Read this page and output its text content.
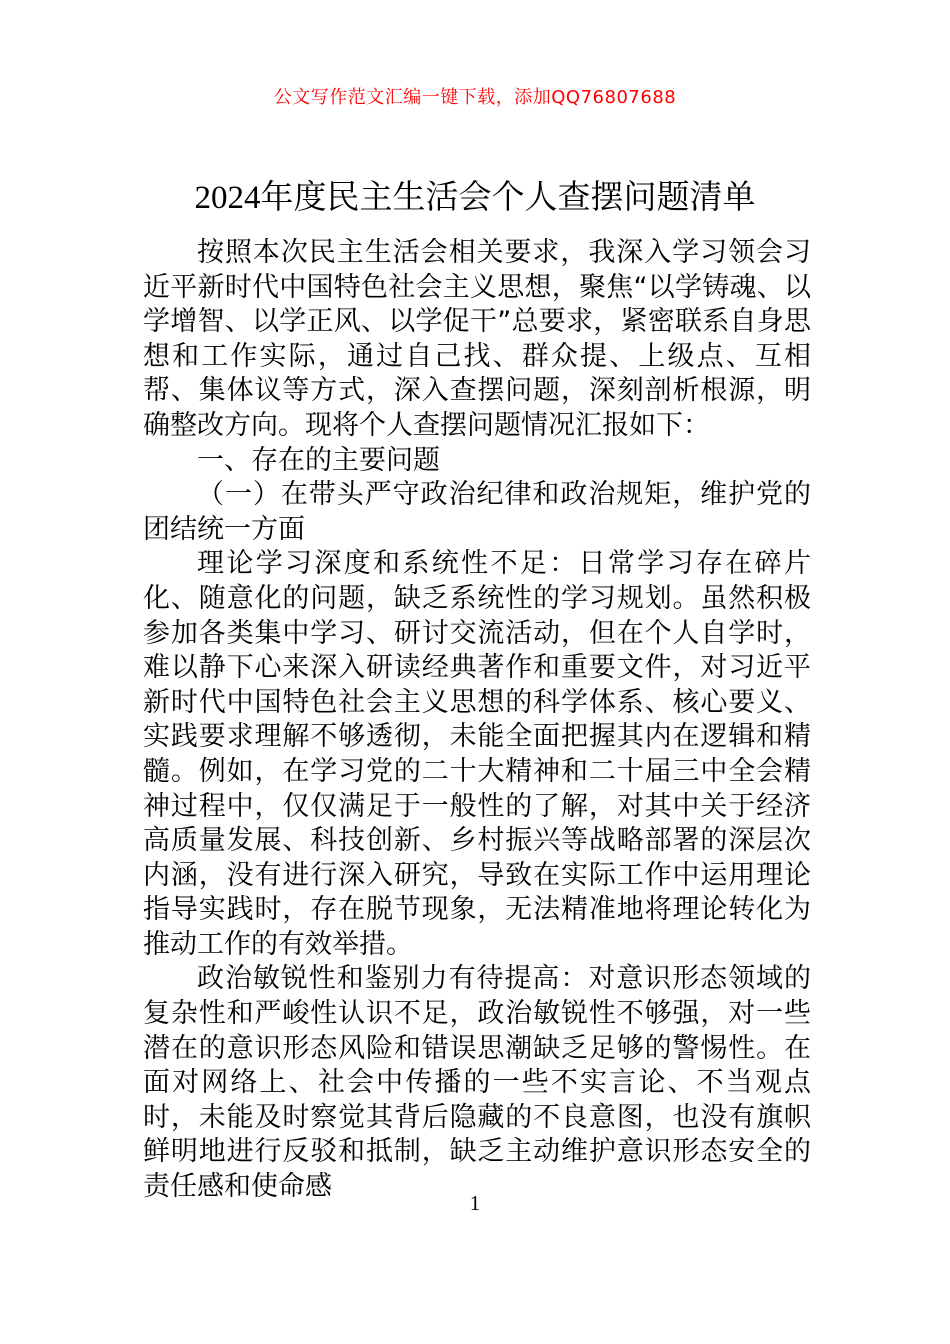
公文写作范文汇编一键下载，添加QQ76807688
2024年度民主生活会个人查摆问题清单

按照本次民主生活会相关要求，我深入学习领会习近平新时代中国特色社会主义思想，聚焦“以学铸魂、以学增智、以学正风、以学促干”总要求，紧密联系自身思想和工作实际，通过自己找、群众提、上级点、互相帮、集体议等方式，深入查摆问题，深刻剖析根源，明确整改方向。现将个人查摆问题情况汇报如下：

一、存在的主要问题

（一）在带头严守政治纪律和政治规矩，维护党的团结统一方面

理论学习深度和系统性不足：日常学习存在碎片化、随意化的问题，缺乏系统性的学习规划。虽然积极参加各类集中学习、研讨交流活动，但在个人自学时，难以静下心来深入研读经典著作和重要文件，对习近平新时代中国特色社会主义思想的科学体系、核心要义、实践要求理解不够透彻，未能全面把握其内在逻辑和精髓。例如，在学习党的二十大精神和二十届三中全会精神过程中，仅仅满足于一般性的了解，对其中关于经济高质量发展、科技创新、乡村振兴等战略部署的深层次内涵，没有进行深入研究，导致在实际工作中运用理论指导实践时，存在脱节现象，无法精准地将理论转化为推动工作的有效举措。

政治敏锐性和鉴别力有待提高：对意识形态领域的复杂性和严峻性认识不足，政治敏锐性不够强，对一些潜在的意识形态风险和错误思潮缺乏足够的警惕性。在面对网络上、社会中传播的一些不实言论、不当观点时，未能及时察觉其背后隐藏的不良意图，也没有旗帜鲜明地进行反驳和抵制，缺乏主动维护意识形态安全的责任感和使命感

1
